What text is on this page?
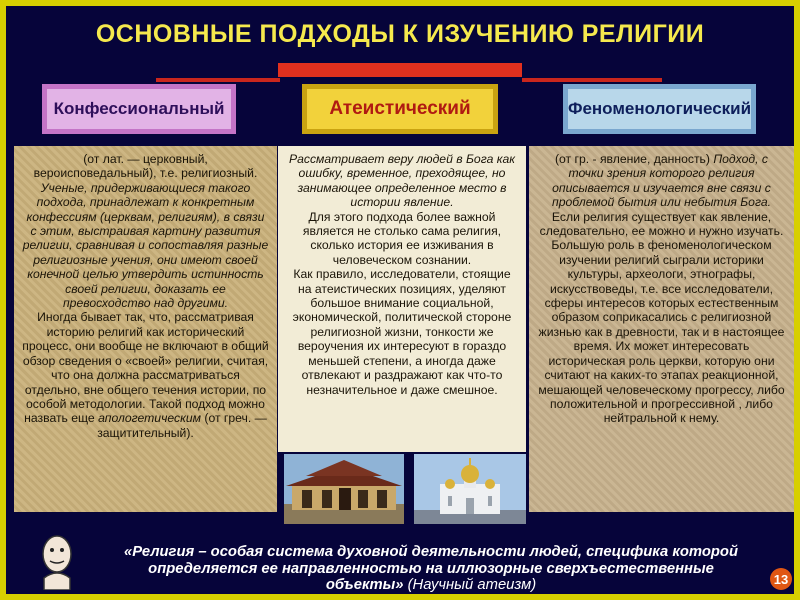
ОСНОВНЫЕ ПОДХОДЫ К ИЗУЧЕНИЮ РЕЛИГИИ
Конфессиональный	Атеистический	Феноменологический

(от лат. — церковный, вероисповедальный), т.е. религиозный.

Ученые, придерживающиеся такого подхода, принадлежат к конкретным конфессиям (церквам, религиям), в связи с этим, выстраивая картину развития религии, сравнивая и сопоставляя разные религиозные учения, они имеют своей конечной целью утвердить истинность своей религии, доказать ее превосходство над другими.

Иногда бывает так, что, рассматривая историю религий как исторический процесс, они вообще не включают в общий обзор сведения о «своей» религии, считая, что она должна рассматриваться отдельно, вне общего течения истории, по особой методологии. Такой подход можно назвать еще апологетическим (от греч. — защитительный).

Рассматривает веру людей в Бога как ошибку, временное, преходящее, но занимающее определенное место в истории явление.

Для этого подхода более важной является не столько сама религия, сколько история ее изживания в человеческом сознании.

Как правило, исследователи, стоящие на атеистических позициях, уделяют большое внимание социальной, экономической, политической стороне религиозной жизни, тонкости же вероучения их интересуют в гораздо меньшей степени, а иногда даже отвлекают и раздражают как что-то незначительное и даже смешное.

(от гр. - явление, данность) Подход, с точки зрения которого религия описывается и изучается вне связи с проблемой бытия или небытия Бога.

Если религия существует как явление, следовательно, ее можно и нужно изучать. Большую роль в феноменологическом изучении религий сыграли историки культуры, археологи, этнографы, искусствоведы, т.е. все исследователи, сферы интересов которых естественным образом соприкасались с религиозной жизнью как в древности, так и в настоящее время. Их может интересовать историческая роль церкви, которую они считают на каких-то этапах реакционной, мешающей человеческому прогрессу, либо положительной и прогрессивной , либо нейтральной к нему.

«Религия – особая система духовной деятельности людей, специфика которой определяется ее направленностью на иллюзорные сверхъестественные объекты» (Научный атеизм)	13
